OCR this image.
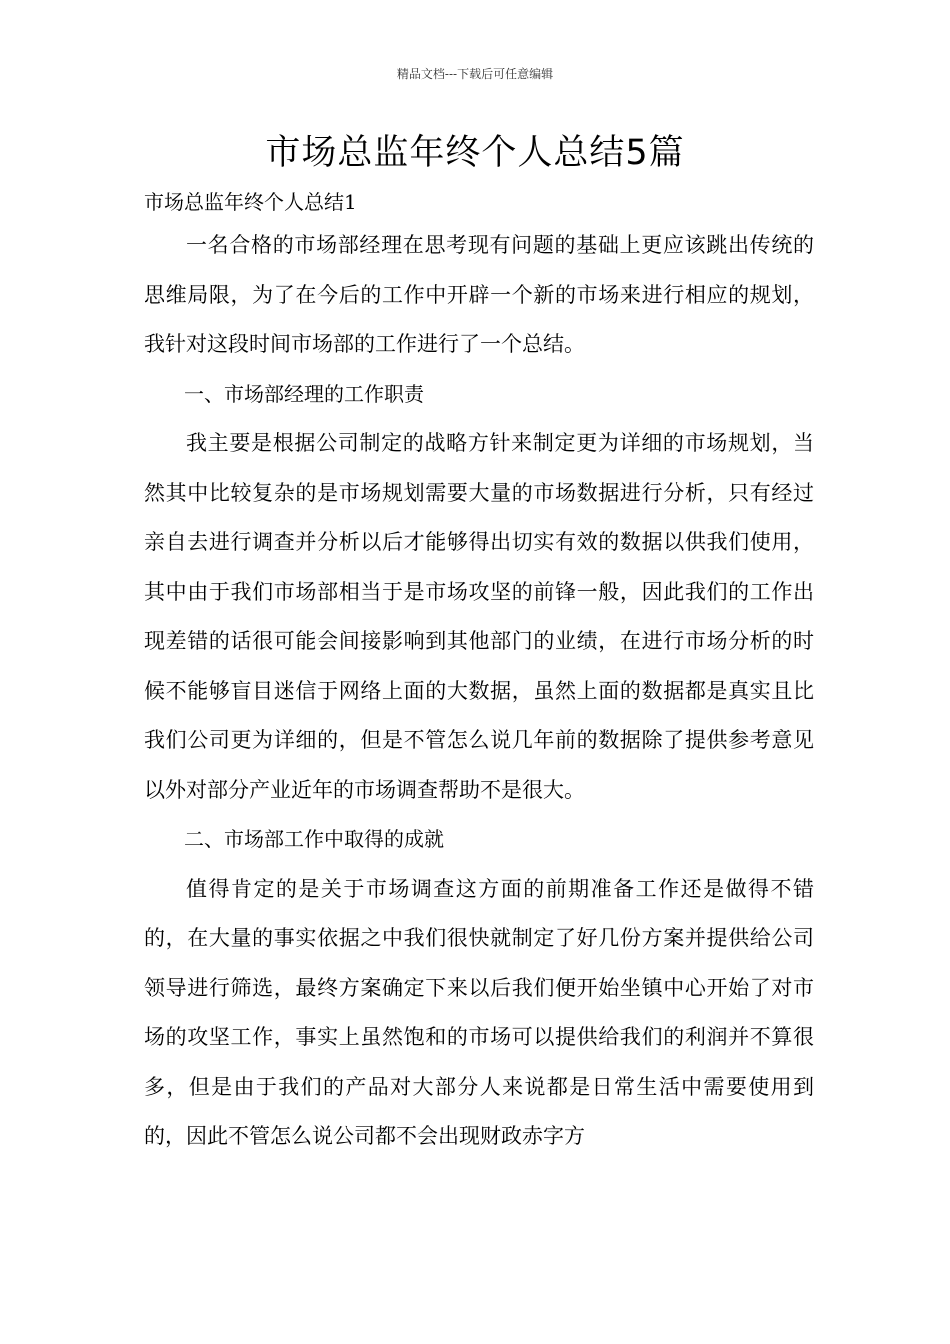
精品文档---下载后可任意编辑
市场总监年终个人总结5篇

市场总监年终个人总结1

一名合格的市场部经理在思考现有问题的基础上更应该跳出传统的思维局限，为了在今后的工作中开辟一个新的市场来进行相应的规划，我针对这段时间市场部的工作进行了一个总结。

一、市场部经理的工作职责

我主要是根据公司制定的战略方针来制定更为详细的市场规划，当然其中比较复杂的是市场规划需要大量的市场数据进行分析，只有经过亲自去进行调查并分析以后才能够得出切实有效的数据以供我们使用，其中由于我们市场部相当于是市场攻坚的前锋一般，因此我们的工作出现差错的话很可能会间接影响到其他部门的业绩，在进行市场分析的时候不能够盲目迷信于网络上面的大数据，虽然上面的数据都是真实且比我们公司更为详细的，但是不管怎么说几年前的数据除了提供参考意见以外对部分产业近年的市场调查帮助不是很大。

二、市场部工作中取得的成就

值得肯定的是关于市场调查这方面的前期准备工作还是做得不错的，在大量的事实依据之中我们很快就制定了好几份方案并提供给公司领导进行筛选，最终方案确定下来以后我们便开始坐镇中心开始了对市场的攻坚工作，事实上虽然饱和的市场可以提供给我们的利润并不算很多，但是由于我们的产品对大部分人来说都是日常生活中需要使用到的，因此不管怎么说公司都不会出现财政赤字方
